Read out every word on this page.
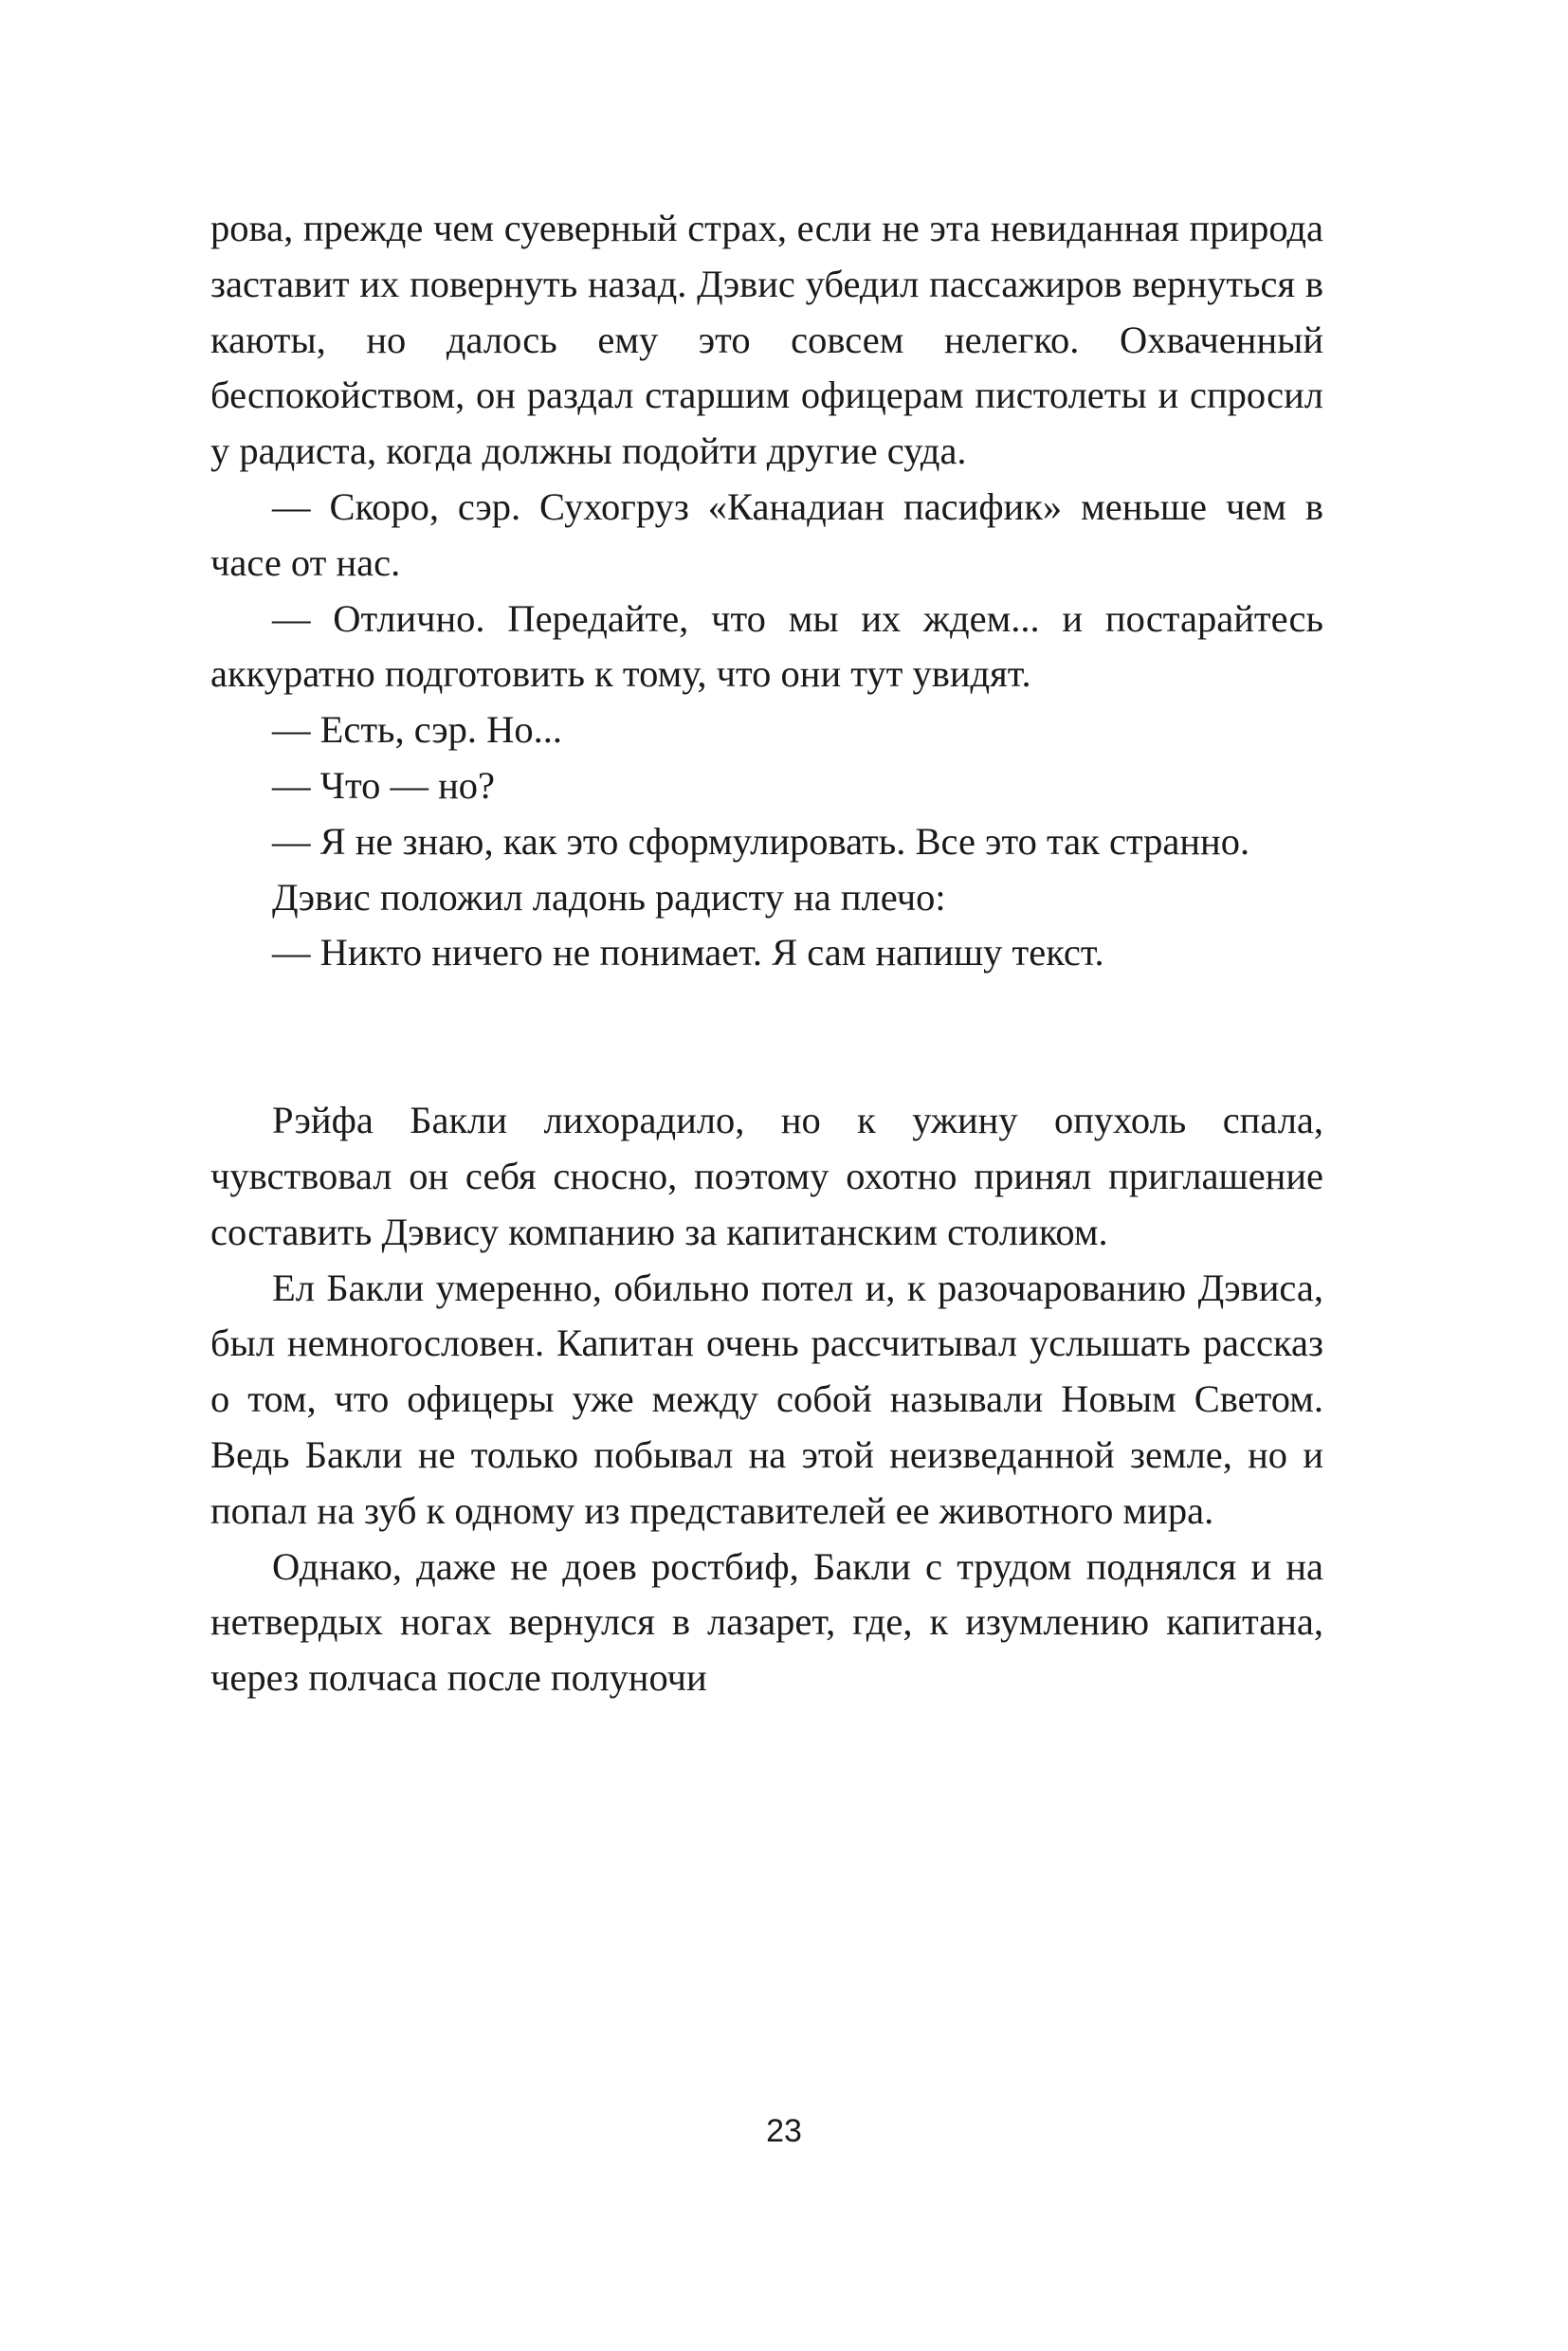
рова, прежде чем суеверный страх, если не эта невиданная природа заставит их повернуть назад. Дэвис убедил пассажиров вернуться в каюты, но далось ему это совсем нелегко. Охваченный беспокойством, он раздал старшим офицерам пистолеты и спросил у радиста, когда должны подойти другие суда.

— Скоро, сэр. Сухогруз «Канадиан пасифик» меньше чем в часе от нас.

— Отлично. Передайте, что мы их ждем... и постарайтесь аккуратно подготовить к тому, что они тут увидят.

— Есть, сэр. Но...

— Что — но?

— Я не знаю, как это сформулировать. Все это так странно.

Дэвис положил ладонь радисту на плечо:

— Никто ничего не понимает. Я сам напишу текст.

Рэйфа Бакли лихорадило, но к ужину опухоль спала, чувствовал он себя сносно, поэтому охотно принял приглашение составить Дэвису компанию за капитанским столиком.

Ел Бакли умеренно, обильно потел и, к разочарованию Дэвиса, был немногословен. Капитан очень рассчитывал услышать рассказ о том, что офицеры уже между собой называли Новым Светом. Ведь Бакли не только побывал на этой неизведанной земле, но и попал на зуб к одному из представителей ее животного мира.

Однако, даже не доев ростбиф, Бакли с трудом поднялся и на нетвердых ногах вернулся в лазарет, где, к изумлению капитана, через полчаса после полуночи

23
